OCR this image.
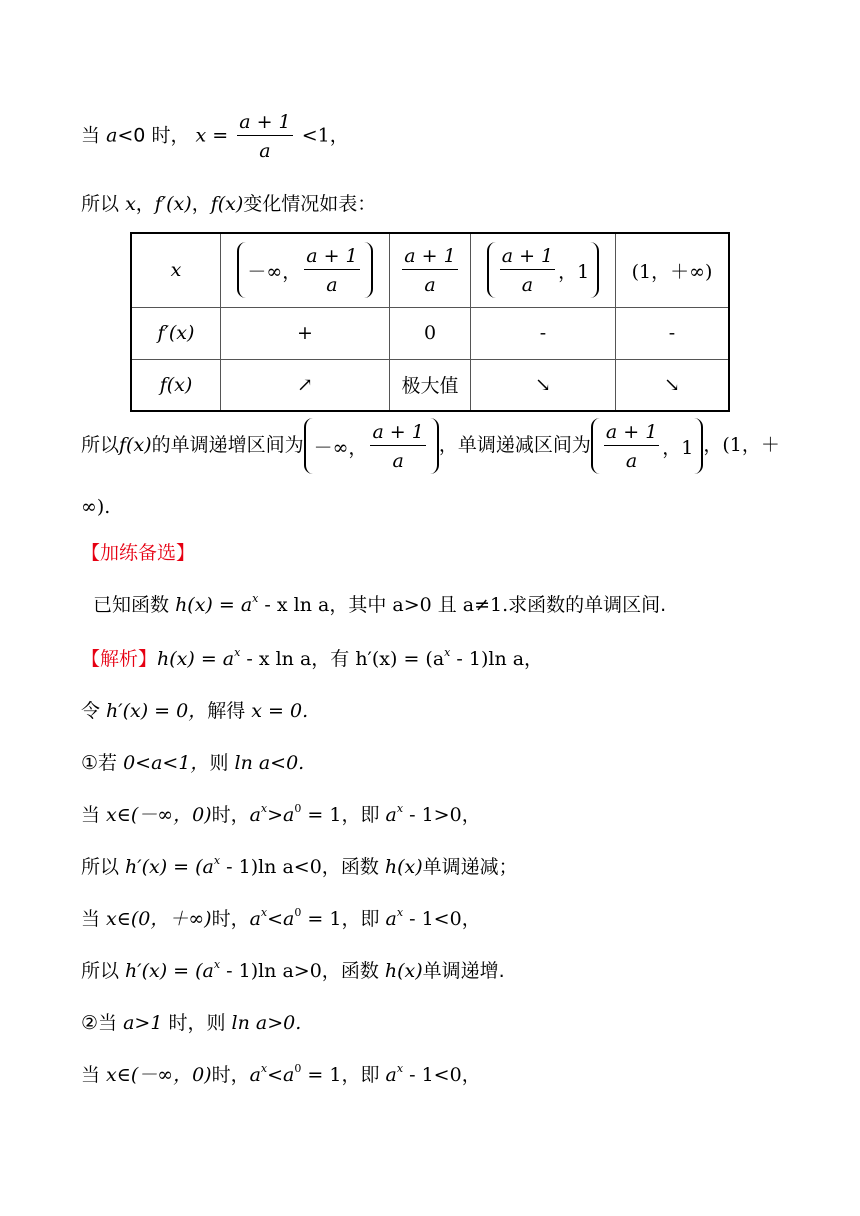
当 a<0 时， $x = \frac{a + 1}{a} <1$，
所以 x，f′(x)，f(x)变化情况如表：
x	－∞， $\frac{a + 1}{a}$	$\frac{a + 1}{a}$	$\frac{a + 1}{a}$ ，1	(1，＋∞)
f′(x)	+	0	-	-
f(x)	↗	极大值	↘	↘
所以f(x)的单调递增区间为 －∞， $\frac{a + 1}{a}$ ，单调递减区间为 $\frac{a + 1}{a}$ ，1 ，(1，＋
∞).
【加练备选】
已知函数 $h(x) = a^x - x$ ln a，其中 a>0 且 a≠1.求函数的单调区间.
【解析】$h(x) = a^x - x$ ln a，有 $h'(x) = (a^x - 1)\ln$ a，
令 h′(x) = 0，解得 x = 0.
①若 0<a<1，则 ln a<0.
当 x∈(－∞，0)时，$a^x>a^0 = 1$，即 $a^x - 1>0$，
所以 $h'(x) = (a^x - 1)\ln$ a<0，函数 h(x)单调递减；
当 x∈(0，＋∞)时，$a^x<a^0 = 1$，即 $a^x - 1<0$，
所以 $h'(x) = (a^x - 1)\ln$ a>0，函数 h(x)单调递增.
②当 a>1 时，则 ln a>0.
当 x∈(－∞，0)时，$a^x<a^0 = 1$，即 $a^x - 1<0$，
